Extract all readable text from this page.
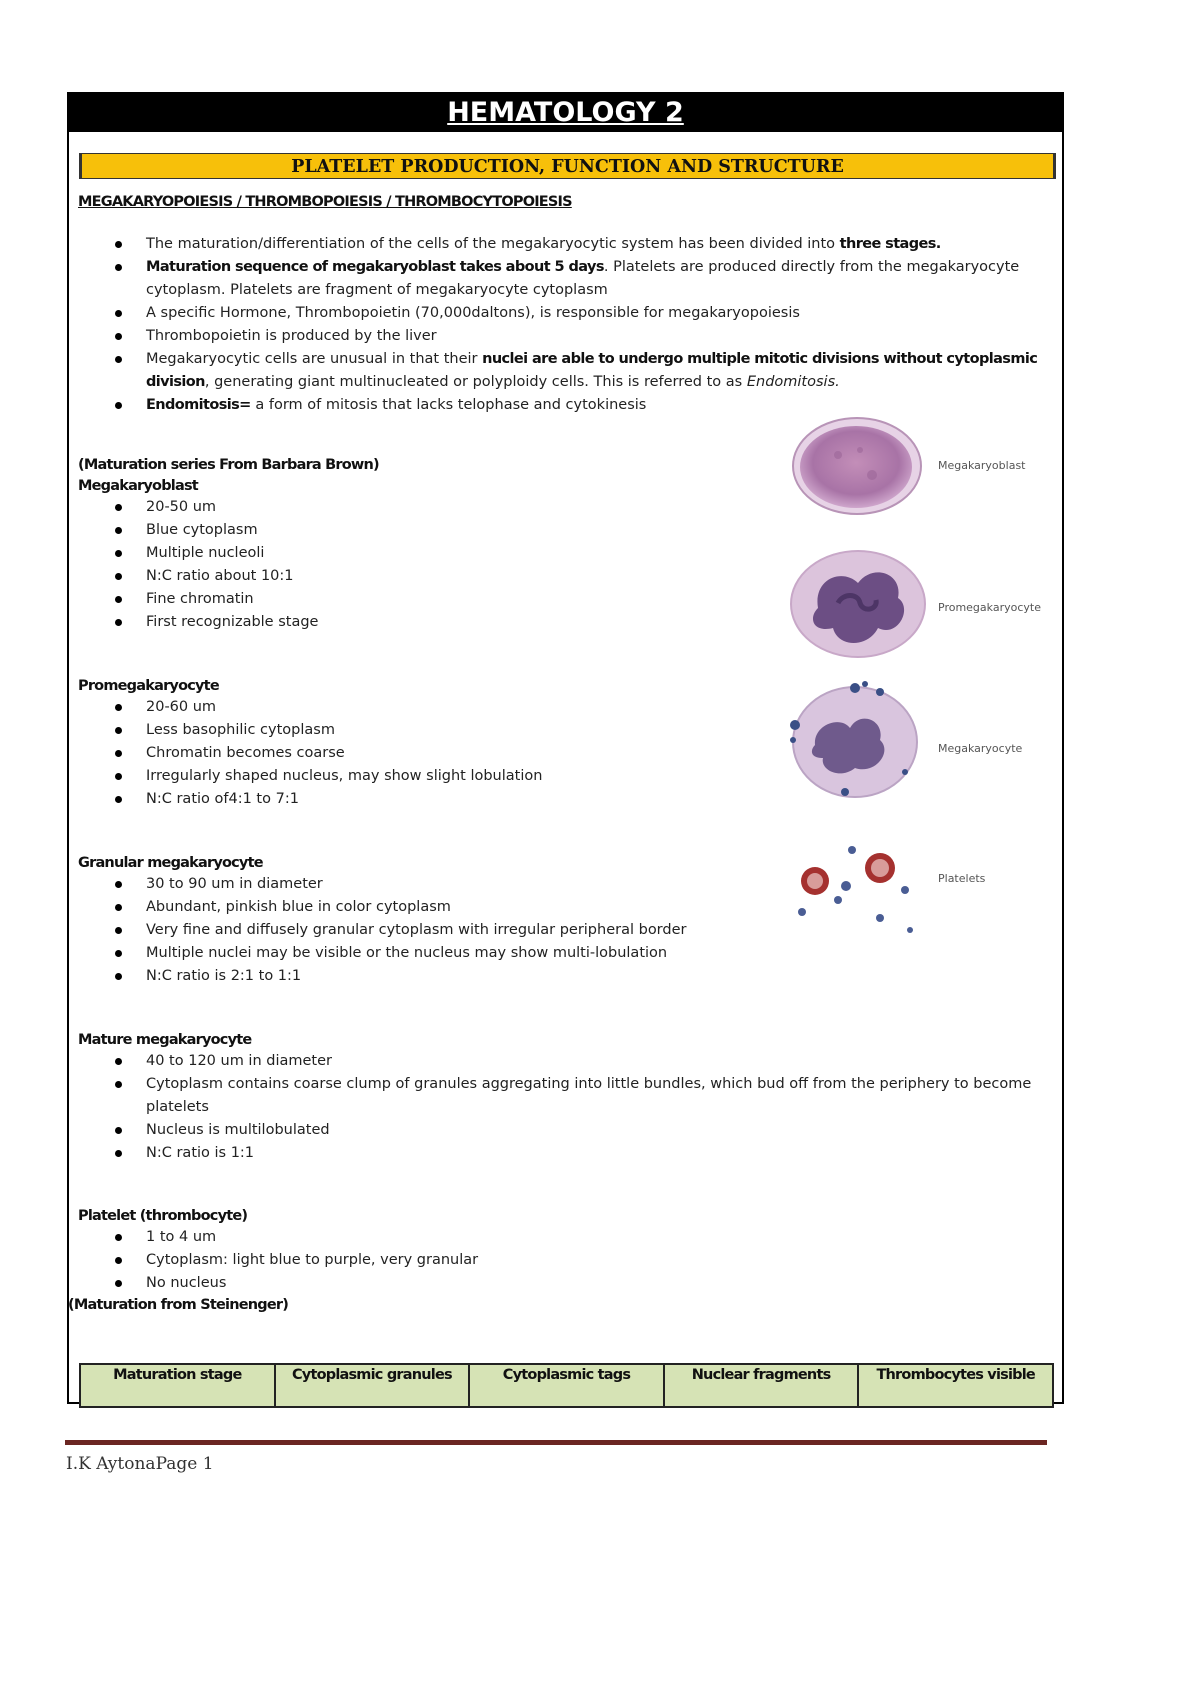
HEMATOLOGY 2
PLATELET PRODUCTION, FUNCTION AND STRUCTURE
MEGAKARYOPOIESIS / THROMBOPOIESIS / THROMBOCYTOPOIESIS
The maturation/differentiation of the cells of the megakaryocytic system has been divided into three stages.
Maturation sequence of megakaryoblast takes about 5 days. Platelets are produced directly from the megakaryocyte cytoplasm. Platelets are fragment of megakaryocyte cytoplasm
A specific Hormone, Thrombopoietin (70,000daltons), is responsible for megakaryopoiesis
Thrombopoietin is produced by the liver
Megakaryocytic cells are unusual in that their nuclei are able to undergo multiple mitotic divisions without cytoplasmic division, generating giant multinucleated or polyploidy cells. This is referred to as Endomitosis.
Endomitosis= a form of mitosis that lacks telophase and cytokinesis
(Maturation series From Barbara Brown)
Megakaryoblast
20-50 um
Blue cytoplasm
Multiple nucleoli
N:C ratio about 10:1
Fine chromatin
First recognizable stage
Promegakaryocyte
20-60 um
Less basophilic cytoplasm
Chromatin becomes coarse
Irregularly shaped nucleus, may show slight lobulation
N:C ratio of4:1 to 7:1
Granular megakaryocyte
30 to 90 um in diameter
Abundant, pinkish blue in color cytoplasm
Very fine and diffusely granular cytoplasm with irregular peripheral border
Multiple nuclei may be visible or the nucleus may show multi-lobulation
N:C ratio is 2:1 to 1:1
Mature megakaryocyte
40 to 120 um in diameter
Cytoplasm contains coarse clump of granules aggregating into little bundles, which bud off from the periphery to become platelets
Nucleus is multilobulated
N:C ratio is 1:1
Platelet (thrombocyte)
1 to 4 um
Cytoplasm: light blue to purple, very granular
No nucleus
(Maturation from Steinenger)
Megakaryoblast
Promegakaryocyte
Megakaryocyte
Platelets
Maturation stage	Cytoplasmic granules	Cytoplasmic tags	Nuclear fragments	Thrombocytes visible
I.K AytonaPage 1
